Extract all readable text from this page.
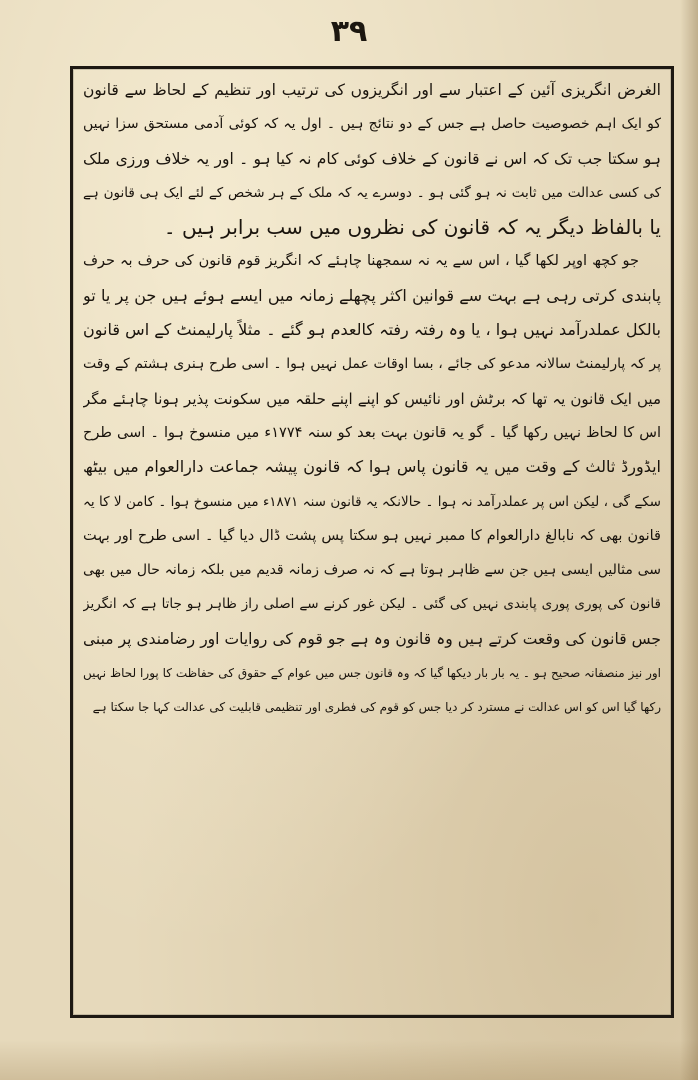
۳۹
الغرض انگریزی آئین کے اعتبار سے اور انگریزوں کی ترتیب اور تنظیم کے لحاظ سے قانون
کو ایک اہم خصوصیت حاصل ہے جس کے دو نتائج ہیں ۔ اول یہ کہ کوئی آدمی مستحق سزا نہیں
ہو سکتا جب تک کہ اس نے قانون کے خلاف کوئی کام نہ کیا ہو ۔ اور یہ خلاف ورزی ملک
کی کسی عدالت میں ثابت نہ ہو گئی ہو ۔ دوسرے یہ کہ ملک کے ہر شخص کے لئے ایک ہی قانون ہے
یا بالفاظ دیگر یہ کہ قانون کی نظروں میں سب برابر ہیں ۔
جو کچھ اوپر لکھا گیا ، اس سے یہ نہ سمجھنا چاہئے کہ انگریز قوم قانون کی حرف بہ حرف
پابندی کرتی رہی ہے بہت سے قوانین اکثر پچھلے زمانہ میں ایسے ہوئے ہیں جن پر یا تو
بالکل عملدرآمد نہیں ہوا ، یا وہ رفتہ رفتہ کالعدم ہو گئے ۔ مثلاً پارلیمنٹ کے اس قانون
پر کہ پارلیمنٹ سالانہ مدعو کی جائے ، بسا اوقات عمل نہیں ہوا ۔ اسی طرح ہنری ہشتم کے وقت
میں ایک قانون یہ تھا کہ برٹش اور نائیس کو اپنے اپنے حلقہ میں سکونت پذیر ہونا چاہئے مگر
اس کا لحاظ نہیں رکھا گیا ۔ گو یہ قانون بہت بعد کو سنہ ۱۷۷۴ء میں منسوخ ہوا ۔ اسی طرح
ایڈورڈ ثالث کے وقت میں یہ قانون پاس ہوا کہ قانون پیشہ جماعت دارالعوام میں بیٹھ
سکے گی ، لیکن اس پر عملدرآمد نہ ہوا ۔ حالانکہ یہ قانون سنہ ۱۸۷۱ء میں منسوخ ہوا ۔ کامن لا کا یہ
قانون بھی کہ نابالغ دارالعوام کا ممبر نہیں ہو سکتا پس پشت ڈال دیا گیا ۔ اسی طرح اور بہت
سی مثالیں ایسی ہیں جن سے ظاہر ہوتا ہے کہ نہ صرف زمانہ قدیم میں بلکہ زمانہ حال میں بھی
قانون کی پوری پوری پابندی نہیں کی گئی ۔ لیکن غور کرنے سے اصلی راز ظاہر ہو جاتا ہے کہ انگریز
جس قانون کی وقعت کرتے ہیں وہ قانون وہ ہے جو قوم کی روایات اور رضامندی پر مبنی
اور نیز منصفانہ صحیح ہو ۔ یہ بار بار دیکھا گیا کہ وہ قانون جس میں عوام کے حقوق کی حفاظت کا پورا لحاظ نہیں
رکھا گیا اس کو اس عدالت نے مسترد کر دیا جس کو قوم کی فطری اور تنظیمی قابلیت کی عدالت کہا جا سکتا ہے
